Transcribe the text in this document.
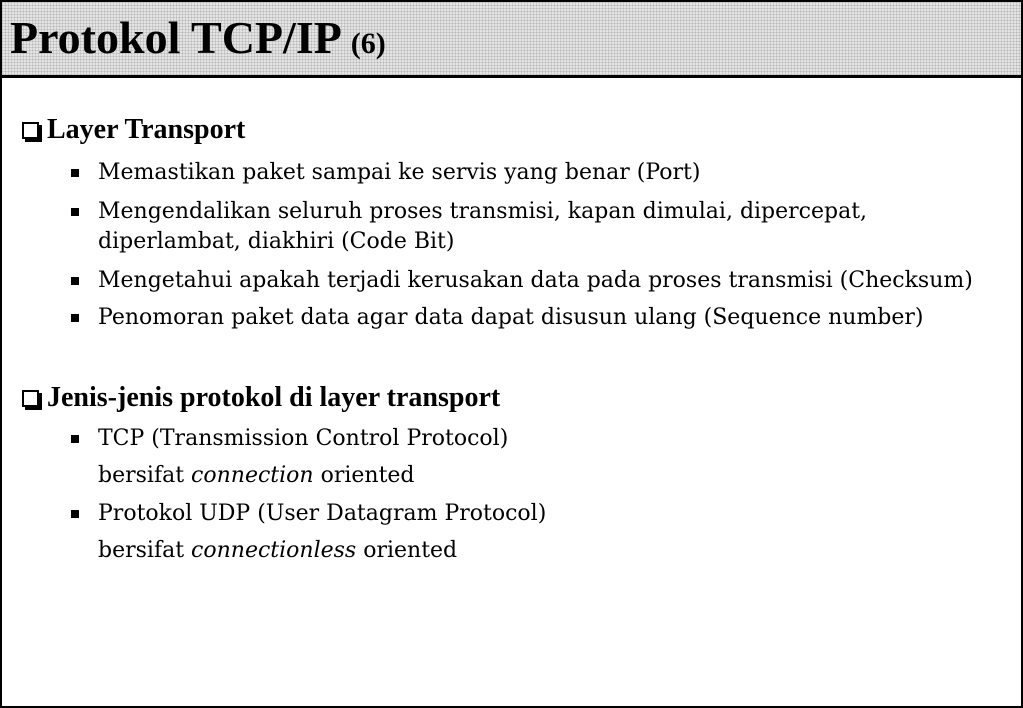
Protokol TCP/IP (6)
Layer Transport
Memastikan paket sampai ke servis yang benar (Port)
Mengendalikan seluruh proses transmisi, kapan dimulai, dipercepat, diperlambat, diakhiri (Code Bit)
Mengetahui apakah terjadi kerusakan data pada proses transmisi (Checksum)
Penomoran paket data agar data dapat disusun ulang (Sequence number)
Jenis-jenis protokol di layer transport
TCP (Transmission Control Protocol)
bersifat connection oriented
Protokol UDP (User Datagram Protocol)
bersifat connectionless oriented
